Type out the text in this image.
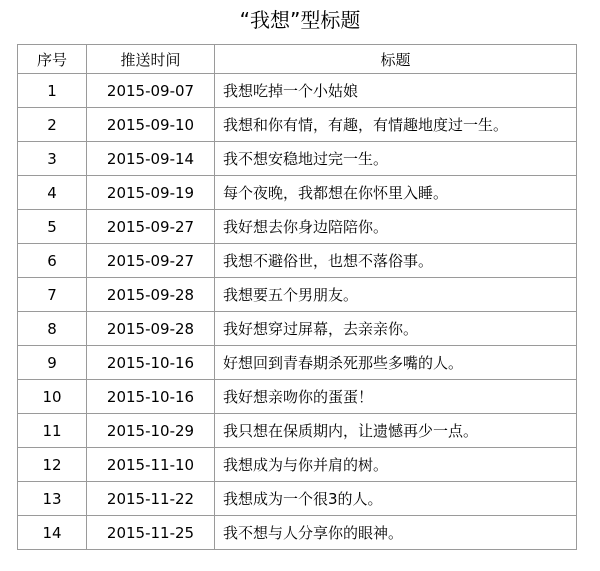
“我想”型标题
序号	推送时间	标题
1	2015-09-07	我想吃掉一个小姑娘
2	2015-09-10	我想和你有情，有趣，有情趣地度过一生。
3	2015-09-14	我不想安稳地过完一生。
4	2015-09-19	每个夜晚，我都想在你怀里入睡。
5	2015-09-27	我好想去你身边陪陪你。
6	2015-09-27	我想不避俗世，也想不落俗事。
7	2015-09-28	我想要五个男朋友。
8	2015-09-28	我好想穿过屏幕，去亲亲你。
9	2015-10-16	好想回到青春期杀死那些多嘴的人。
10	2015-10-16	我好想亲吻你的蛋蛋！
11	2015-10-29	我只想在保质期内，让遗憾再少一点。
12	2015-11-10	我想成为与你并肩的树。
13	2015-11-22	我想成为一个很3的人。
14	2015-11-25	我不想与人分享你的眼神。
